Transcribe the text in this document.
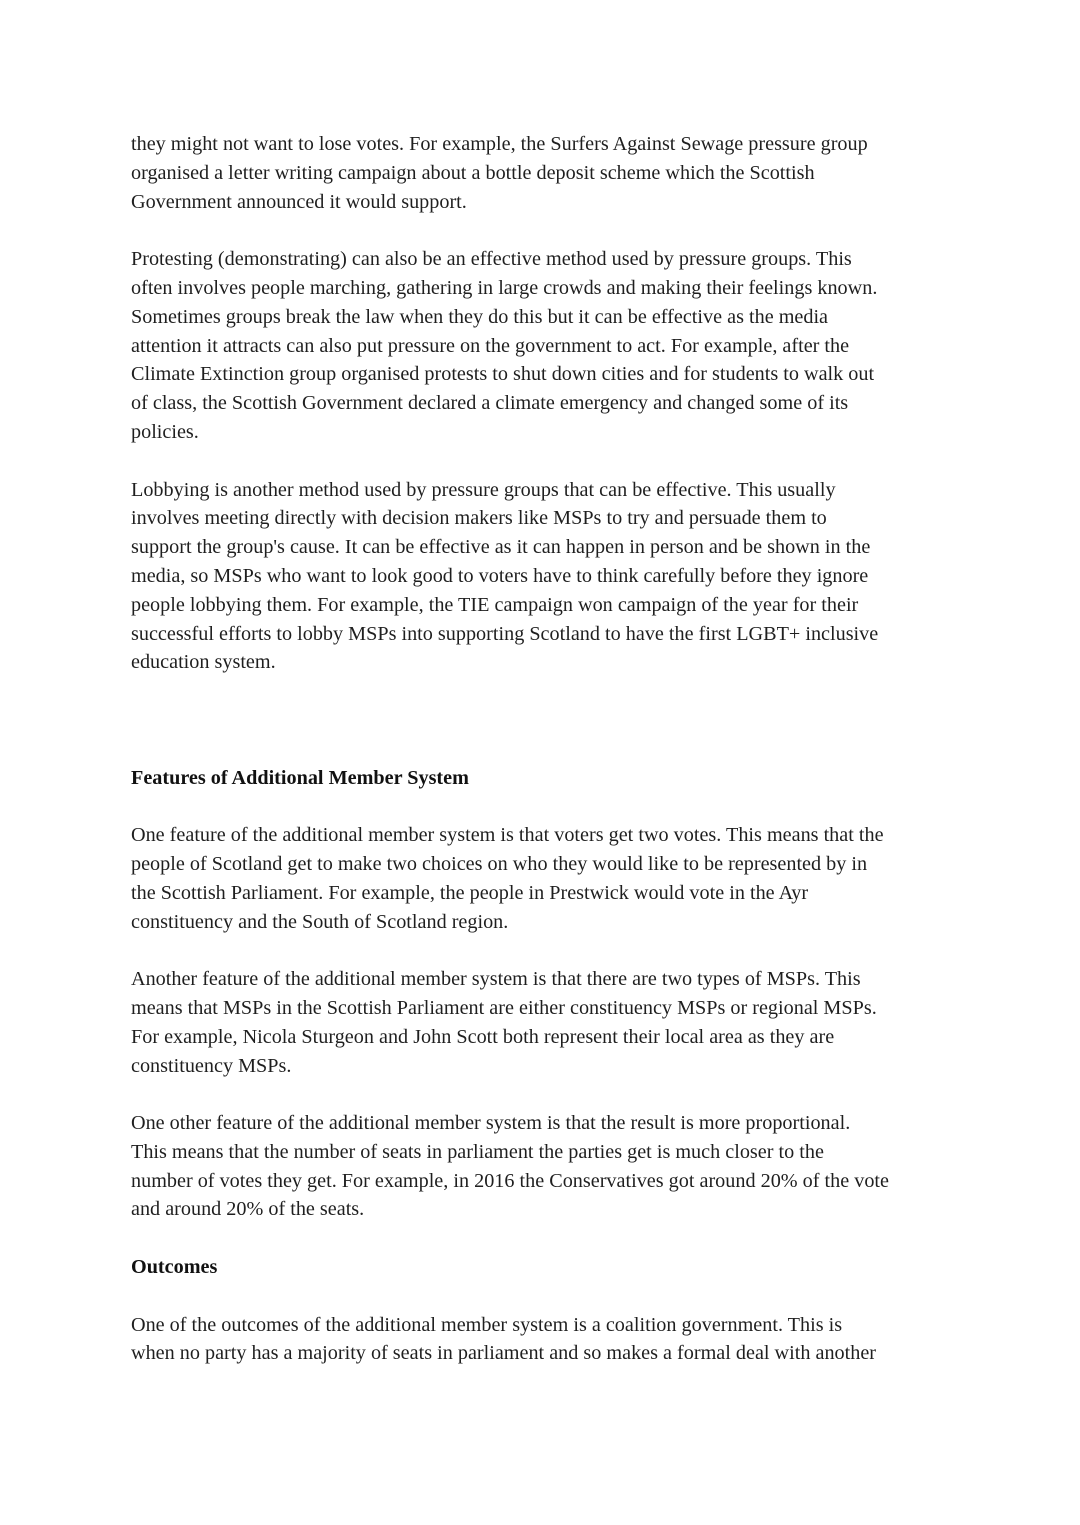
they might not want to lose votes. For example, the Surfers Against Sewage pressure group
organised a letter writing campaign about a bottle deposit scheme which the Scottish
Government announced it would support.

Protesting (demonstrating) can also be an effective method used by pressure groups. This
often involves people marching, gathering in large crowds and making their feelings known.
Sometimes groups break the law when they do this but it can be effective as the media
attention it attracts can also put pressure on the government to act. For example, after the
Climate Extinction group organised protests to shut down cities and for students to walk out
of class, the Scottish Government declared a climate emergency and changed some of its
policies.

Lobbying is another method used by pressure groups that can be effective. This usually
involves meeting directly with decision makers like MSPs to try and persuade them to
support the group's cause. It can be effective as it can happen in person and be shown in the
media, so MSPs who want to look good to voters have to think carefully before they ignore
people lobbying them. For example, the TIE campaign won campaign of the year for their
successful efforts to lobby MSPs into supporting Scotland to have the first LGBT+ inclusive
education system.

Features of Additional Member System

One feature of the additional member system is that voters get two votes. This means that the
people of Scotland get to make two choices on who they would like to be represented by in
the Scottish Parliament. For example, the people in Prestwick would vote in the Ayr
constituency and the South of Scotland region.

Another feature of the additional member system is that there are two types of MSPs. This
means that MSPs in the Scottish Parliament are either constituency MSPs or regional MSPs.
For example, Nicola Sturgeon and John Scott both represent their local area as they are
constituency MSPs.

One other feature of the additional member system is that the result is more proportional.
This means that the number of seats in parliament the parties get is much closer to the
number of votes they get. For example, in 2016 the Conservatives got around 20% of the vote
and around 20% of the seats.

Outcomes

One of the outcomes of the additional member system is a coalition government. This is
when no party has a majority of seats in parliament and so makes a formal deal with another
